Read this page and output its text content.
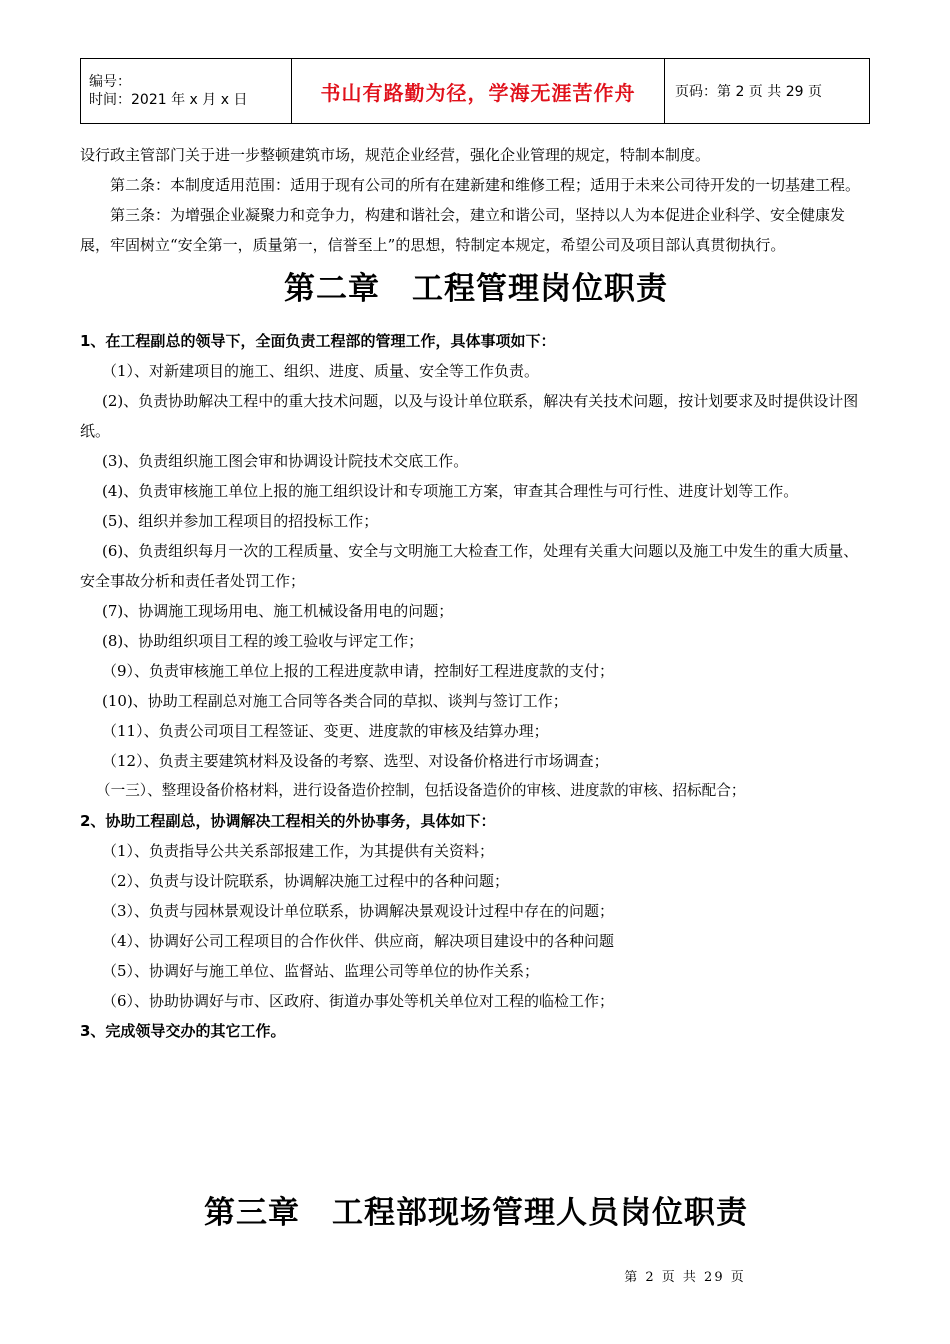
编号：
时间：2021 年 x 月 x 日	书山有路勤为径，学海无涯苦作舟	页码：第 2 页 共 29 页

设行政主管部门关于进一步整顿建筑市场，规范企业经营，强化企业管理的规定，特制本制度。

第二条：本制度适用范围：适用于现有公司的所有在建新建和维修工程；适用于未来公司待开发的一切基建工程。

第三条：为增强企业凝聚力和竞争力，构建和谐社会，建立和谐公司，坚持以人为本促进企业科学、安全健康发展，牢固树立“安全第一，质量第一，信誉至上”的思想，特制定本规定，希望公司及项目部认真贯彻执行。

第二章　工程管理岗位职责

1、在工程副总的领导下，全面负责工程部的管理工作，具体事项如下：

（1）、对新建项目的施工、组织、进度、质量、安全等工作负责。

(2)、负责协助解决工程中的重大技术问题，以及与设计单位联系，解决有关技术问题，按计划要求及时提供设计图纸。

(3)、负责组织施工图会审和协调设计院技术交底工作。

(4)、负责审核施工单位上报的施工组织设计和专项施工方案，审查其合理性与可行性、进度计划等工作。

(5)、组织并参加工程项目的招投标工作；

(6)、负责组织每月一次的工程质量、安全与文明施工大检查工作，处理有关重大问题以及施工中发生的重大质量、安全事故分析和责任者处罚工作；

(7)、协调施工现场用电、施工机械设备用电的问题；

(8)、协助组织项目工程的竣工验收与评定工作；

（9）、负责审核施工单位上报的工程进度款申请，控制好工程进度款的支付；

(10)、协助工程副总对施工合同等各类合同的草拟、谈判与签订工作；

（11）、负责公司项目工程签证、变更、进度款的审核及结算办理；

（12）、负责主要建筑材料及设备的考察、选型、对设备价格进行市场调查；

（一三）、整理设备价格材料，进行设备造价控制，包括设备造价的审核、进度款的审核、招标配合；

2、协助工程副总，协调解决工程相关的外协事务，具体如下：

（1）、负责指导公共关系部报建工作，为其提供有关资料；

（2）、负责与设计院联系，协调解决施工过程中的各种问题；

（3）、负责与园林景观设计单位联系，协调解决景观设计过程中存在的问题；

（4）、协调好公司工程项目的合作伙伴、供应商，解决项目建设中的各种问题

（5）、协调好与施工单位、监督站、监理公司等单位的协作关系；

（6）、协助协调好与市、区政府、街道办事处等机关单位对工程的临检工作；

3、完成领导交办的其它工作。

第三章　工程部现场管理人员岗位职责
第 2 页 共 29 页
